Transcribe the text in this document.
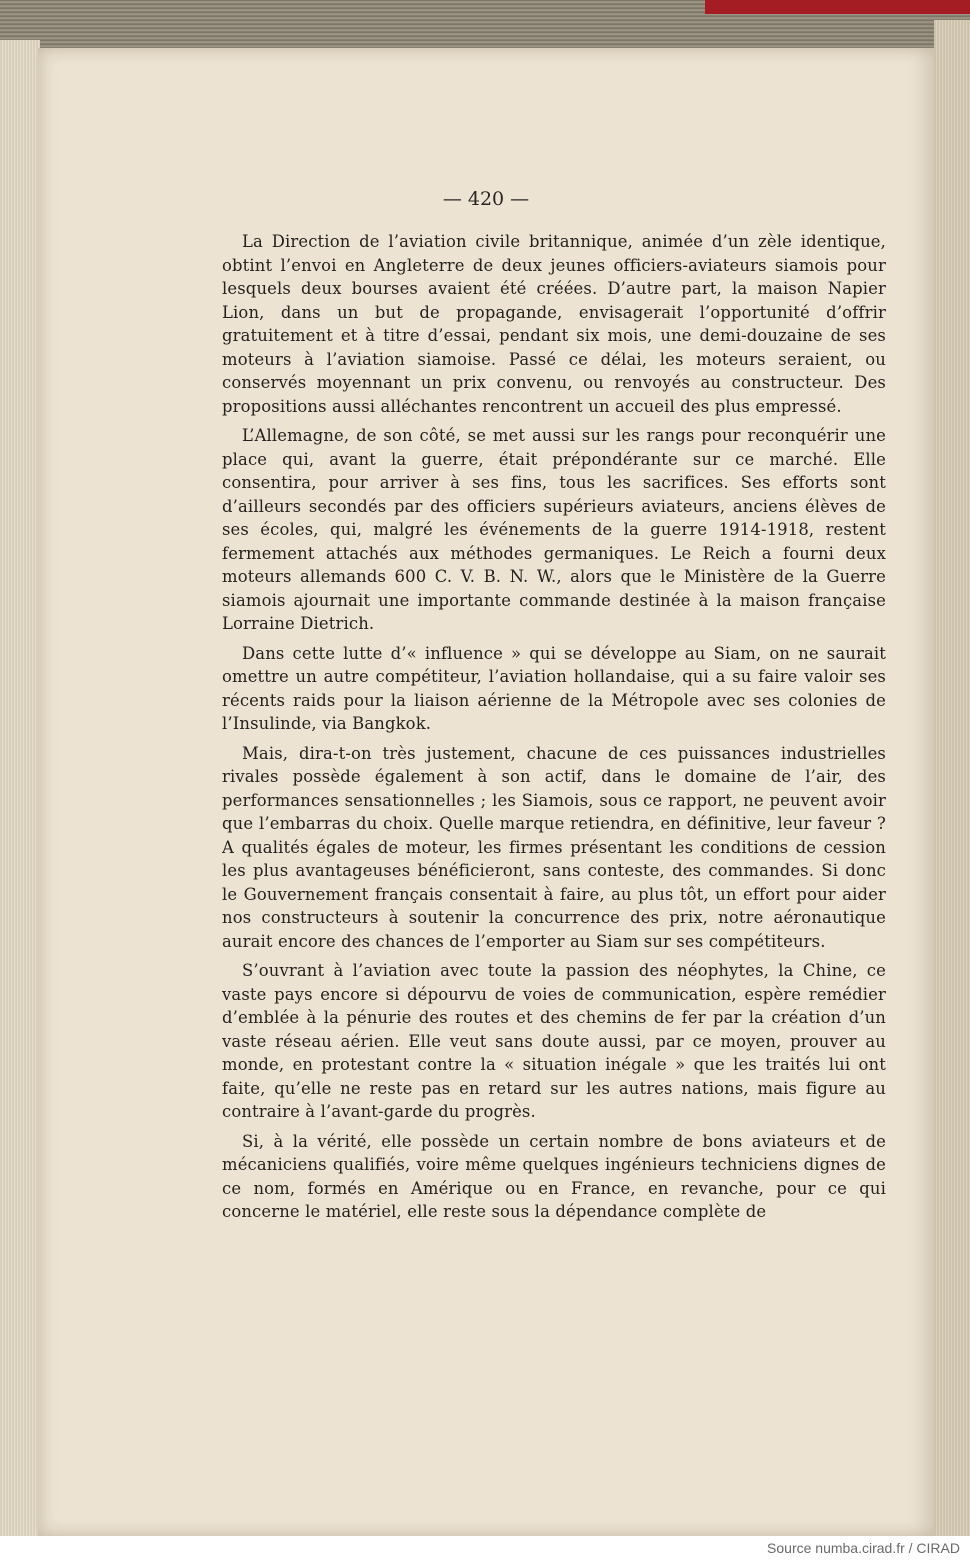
— 420 —

La Direction de l’aviation civile britannique, animée d’un zèle identique, obtint l’envoi en Angleterre de deux jeunes officiers-aviateurs siamois pour lesquels deux bourses avaient été créées. D’autre part, la maison Napier Lion, dans un but de propagande, envisagerait l’opportunité d’offrir gratuitement et à titre d’essai, pendant six mois, une demi-douzaine de ses moteurs à l’aviation siamoise. Passé ce délai, les moteurs seraient, ou conservés moyennant un prix convenu, ou renvoyés au constructeur. Des propositions aussi alléchantes rencontrent un accueil des plus empressé.

L’Allemagne, de son côté, se met aussi sur les rangs pour reconquérir une place qui, avant la guerre, était prépondérante sur ce marché. Elle consentira, pour arriver à ses fins, tous les sacrifices. Ses efforts sont d’ailleurs secondés par des officiers supérieurs aviateurs, anciens élèves de ses écoles, qui, malgré les événements de la guerre 1914-1918, restent fermement attachés aux méthodes germaniques. Le Reich a fourni deux moteurs allemands 600 C. V. B. N. W., alors que le Ministère de la Guerre siamois ajournait une importante commande destinée à la maison française Lorraine Dietrich.

Dans cette lutte d’« influence » qui se développe au Siam, on ne saurait omettre un autre compétiteur, l’aviation hollandaise, qui a su faire valoir ses récents raids pour la liaison aérienne de la Métropole avec ses colonies de l’Insulinde, via Bangkok.

Mais, dira-t-on très justement, chacune de ces puissances industrielles rivales possède également à son actif, dans le domaine de l’air, des performances sensationnelles ; les Siamois, sous ce rapport, ne peuvent avoir que l’embarras du choix. Quelle marque retiendra, en définitive, leur faveur ? A qualités égales de moteur, les firmes présentant les conditions de cession les plus avantageuses bénéficieront, sans conteste, des commandes. Si donc le Gouvernement français consentait à faire, au plus tôt, un effort pour aider nos constructeurs à soutenir la concurrence des prix, notre aéronautique aurait encore des chances de l’emporter au Siam sur ses compétiteurs.

S’ouvrant à l’aviation avec toute la passion des néophytes, la Chine, ce vaste pays encore si dépourvu de voies de communication, espère remédier d’emblée à la pénurie des routes et des chemins de fer par la création d’un vaste réseau aérien. Elle veut sans doute aussi, par ce moyen, prouver au monde, en protestant contre la « situation inégale » que les traités lui ont faite, qu’elle ne reste pas en retard sur les autres nations, mais figure au contraire à l’avant-garde du progrès.

Si, à la vérité, elle possède un certain nombre de bons aviateurs et de mécaniciens qualifiés, voire même quelques ingénieurs techniciens dignes de ce nom, formés en Amérique ou en France, en revanche, pour ce qui concerne le matériel, elle reste sous la dépendance complète de

Source numba.cirad.fr / CIRAD
